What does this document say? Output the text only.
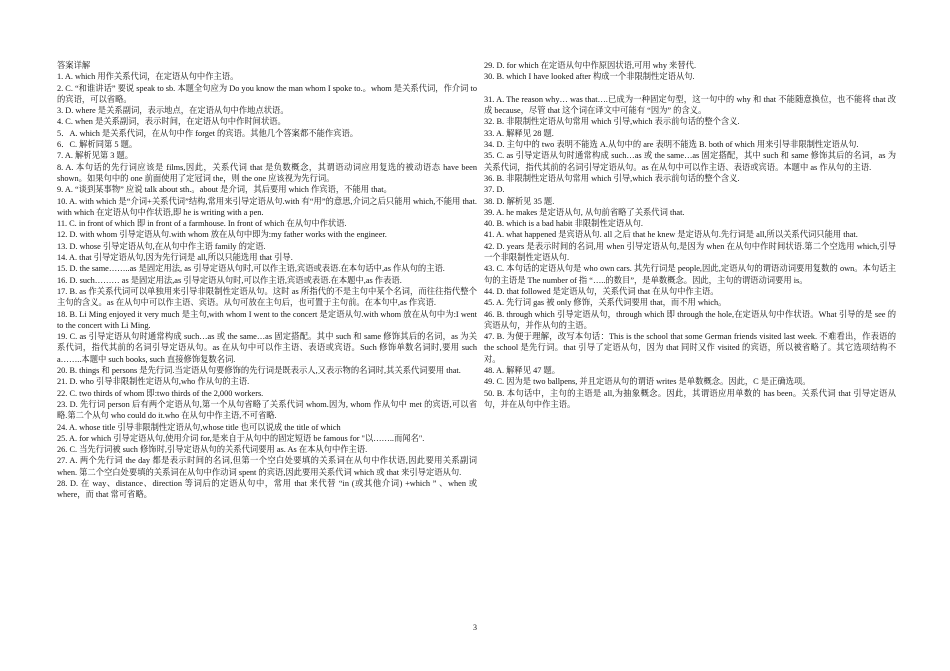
答案详解

1. A. which 用作关系代词，在定语从句中作主语。

2. C. “和谁讲话” 要说 speak to sb. 本题全句应为 Do you know the man whom I spoke to.。whom 是关系代词，作介词 to 的宾语，可以省略。

3. D. where 是关系副词，表示地点，在定语从句中作地点状语。

4. C. when 是关系副词，表示时间，在定语从句中作时间状语。

5．A. which 是关系代词，在从句中作 forget 的宾语。其他几个答案都不能作宾语。

6．C. 解析同第 5 题。

7. A. 解析见第 3 题。

8. A. 本句话的先行词应该是 films,因此，关系代词 that 是负数概念，其谓语动词应用复选的被动语态 have been shown。如果句中的 one 前面使用了定冠词 the，则 the one 应该视为先行词。

9. A. “谈到某事物” 应说 talk about sth.。about 是介词，其后要用 which 作宾语，不能用 that。

10. A. with which 是“介词+关系代词”结构,常用来引导定语从句.with 有“用”的意思,介词之后只能用 which,不能用 that. with which 在定语从句中作状语,即 he is writing with a pen.

11. C. in front of which 即 in front of a farmhouse. In front of which 在从句中作状语.

12. D. with whom 引导定语从句.with whom 放在从句中即为:my father works with the engineer.

13. D. whose 引导定语从句,在从句中作主语 family 的定语.

14. A. that 引导定语从句,因为先行词是 all,所以只能选用 that 引导.

15. D. the same……..as 是固定用法, as 引导定语从句时,可以作主语,宾语或表语.在本句话中,as 作从句的主语.

16. D. such……… as 是固定用法,as 引导定语从句时,可以作主语,宾语或表语.在本题中,as 作表语.

17. B. as 作关系代词可以单独用来引导非限制性定语从句。这时 as 所指代的不是主句中某个名词，而往往指代整个主句的含义。as 在从句中可以作主语、宾语。从句可放在主句后，也可置于主句前。在本句中,as 作宾语.

18. B. Li Ming enjoyed it very much 是主句,with whom I went to the concert 是定语从句.with whom 放在从句中为:I went to the concert with Li Ming.

19. C. as 引导定语从句时通常构成 such…as 或 the same…as 固定搭配。其中 such 和 same 修饰其后的名词，as 为关系代词，指代其前的名词引导定语从句。as 在从句中可以作主语、表语或宾语。Such 修饰单数名词时,要用 such a……..本题中 such books, such 直接修饰复数名词.

20. B. things 和 persons 是先行词.当定语从句要修饰的先行词是既表示人,又表示物的名词时,其关系代词要用 that.

21. D. who 引导非限制性定语从句,who 作从句的主语.

22. C. two thirds of whom 即:two thirds of the 2,000 workers.

23. D. 先行词 person 后有两个定语从句,第一个从句省略了关系代词 whom.因为, whom 作从句中 met 的宾语,可以省略.第二个从句 who could do it.who 在从句中作主语,不可省略.

24. A. whose title 引导非限制性定语从句,whose title 也可以说成 the title of which

25. A. for which 引导定语从句,使用介词 for,是来自于从句中的固定短语 be famous for "以……..而闻名".

26. C. 当先行词被 such 修饰时,引导定语从句的关系代词要用 as. As 在本从句中作主语.

27. A. 两个先行词 the day 都是表示时间的名词,但第一个空白处要填的关系词在从句中作状语,因此要用关系副词 when. 第二个空白处要填的关系词在从句中作动词 spent 的宾语,因此要用关系代词 which 或 that 来引导定语从句.

28. D. 在 way、distance、direction 等词后的定语从句中，常用 that 来代替 “in (或其他介词) +which ” 、when 或 where，而 that 常可省略。

29. D. for which 在定语从句中作原因状语,可用 why 来替代.

30. B. which I have looked after 构成一个非限制性定语从句.

31. A. The reason why… was that….已成为一种固定句型，这一句中的 why 和 that 不能随意换位，也不能将 that 改成 because，尽管 that 这个词在译文中可能有 “因为” 的含义。

32. B. 非限制性定语从句常用 which 引导,which 表示前句话的整个含义.

33. A. 解释见 28 题.

34. D. 主句中的 two 表明不能选 A.从句中的 are 表明不能选 B. both of which 用来引导非限制性定语从句.

35. C. as 引导定语从句时通常构成 such…as 或 the same…as 固定搭配，其中 such 和 same 修饰其后的名词，as 为关系代词，指代其前的名词引导定语从句。as 在从句中可以作主语、表语或宾语。本题中 as 作从句的主语.

36. B. 非限制性定语从句常用 which 引导,which 表示前句话的整个含义.

37. D.

38. D. 解析见 35 题.

39. A. he makes 是定语从句, 从句前省略了关系代词 that.

40. B. which is a bad habit 非限制性定语从句.

41. A. what happened 是宾语从句. all 之后 that he knew 是定语从句.先行词是 all,所以关系代词只能用 that.

42. D. years 是表示时间的名词,用 when 引导定语从句,是因为 when 在从句中作时间状语.第二个空选用 which,引导一个非限制性定语从句.

43. C. 本句话的定语从句是 who own cars. 其先行词是 people,因此,定语从句的谓语动词要用复数的 own。本句话主句的主语是 The number of 指 “…..的数目”，是单数概念。因此，主句的谓语动词要用 is。

44. D. that followed 是定语从句，关系代词 that 在从句中作主语。

45. A. 先行词 gas 被 only 修饰，关系代词要用 that，而不用 which。

46. B. through which 引导定语从句，through which 即 through the hole,在定语从句中作状语。What 引导的是 see 的宾语从句，并作从句的主语。

47. B. 为便于理解，改写本句话：This is the school that some German friends visited last week. 不难看出，作表语的 the school 是先行词。that 引导了定语从句，因为 that 同时又作 visited 的宾语，所以被省略了。其它选项结构不对。

48. A. 解释见 47 题。

49. C. 因为是 two ballpens, 并且定语从句的谓语 writes 是单数概念。因此，C 是正确选项。

50. B. 本句话中，主句的主语是 all,为抽象概念。因此，其谓语应用单数的 has been。关系代词 that 引导定语从句，并在从句中作主语。

3
